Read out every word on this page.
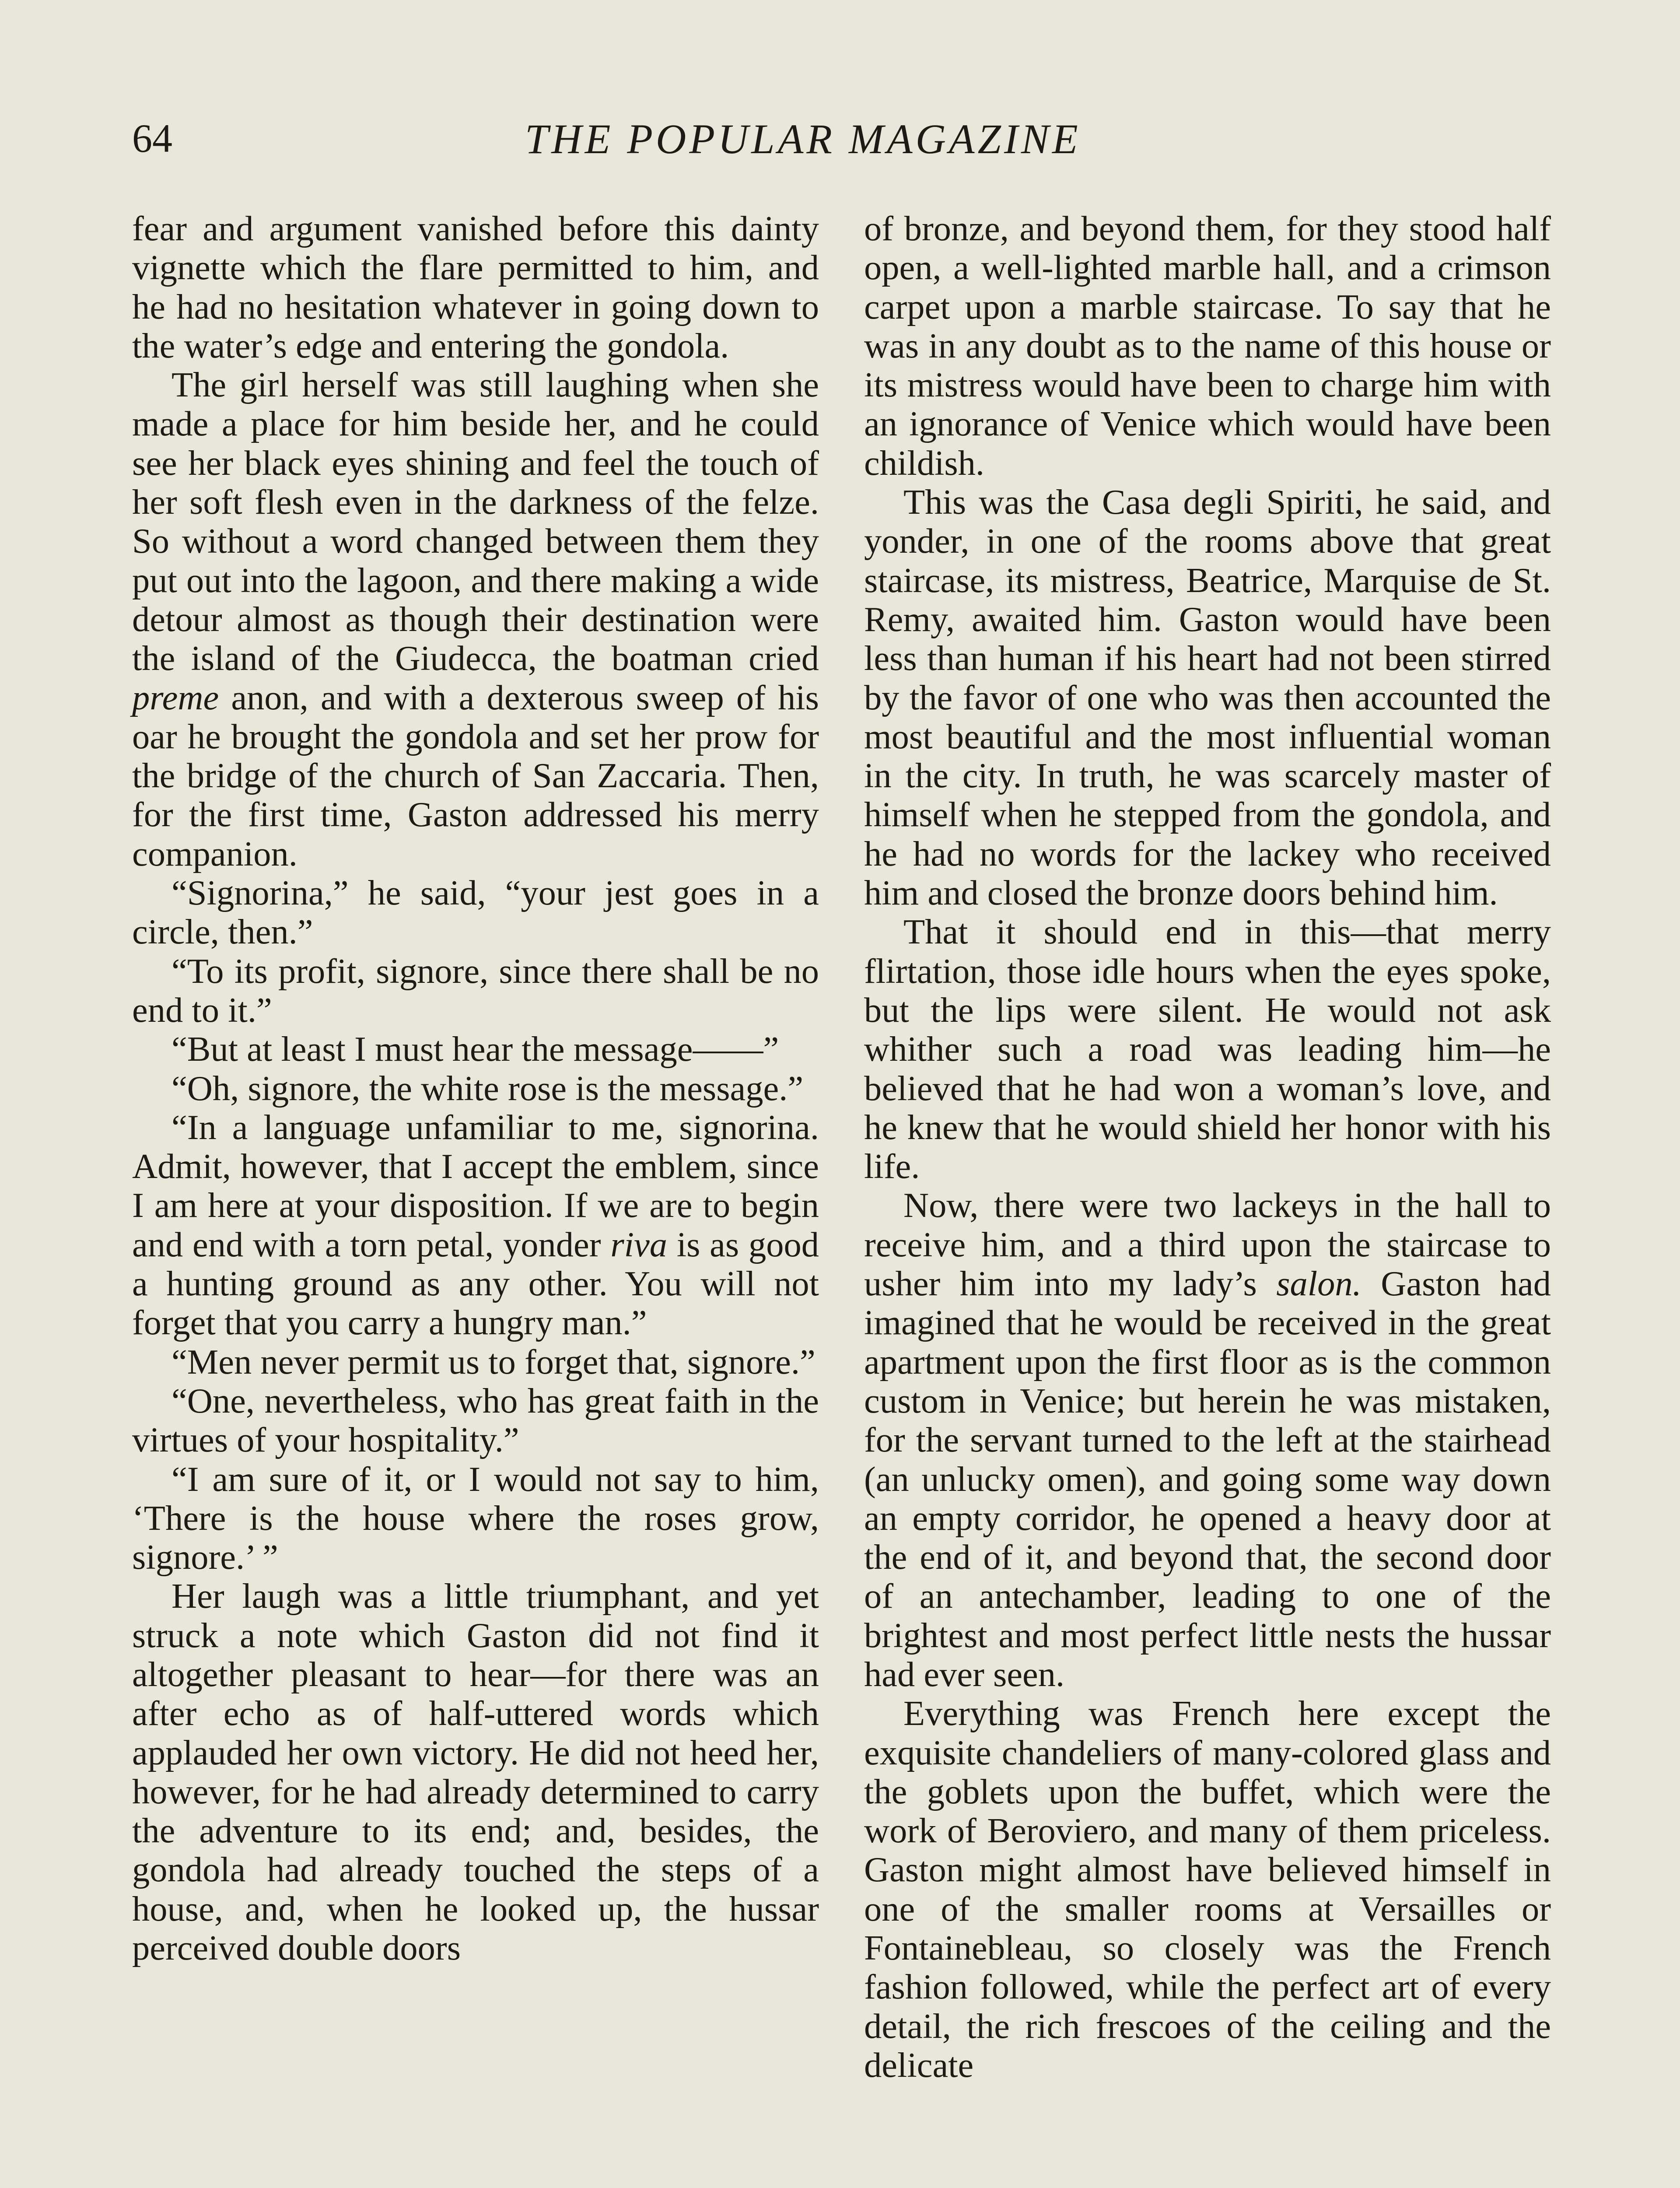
64	THE POPULAR MAGAZINE

fear and argument vanished before this dainty vignette which the flare permitted to him, and he had no hesitation whatever in going down to the water’s edge and entering the gondola.

The girl herself was still laughing when she made a place for him beside her, and he could see her black eyes shining and feel the touch of her soft flesh even in the darkness of the felze. So without a word changed between them they put out into the lagoon, and there making a wide detour almost as though their destination were the island of the Giudecca, the boatman cried preme anon, and with a dexterous sweep of his oar he brought the gondola and set her prow for the bridge of the church of San Zaccaria. Then, for the first time, Gaston addressed his merry companion.

“Signorina,” he said, “your jest goes in a circle, then.”

“To its profit, signore, since there shall be no end to it.”

“But at least I must hear the message——”

“Oh, signore, the white rose is the message.”

“In a language unfamiliar to me, signorina. Admit, however, that I accept the emblem, since I am here at your disposition. If we are to begin and end with a torn petal, yonder riva is as good a hunting ground as any other. You will not forget that you carry a hungry man.”

“Men never permit us to forget that, signore.”

“One, nevertheless, who has great faith in the virtues of your hospitality.”

“I am sure of it, or I would not say to him, ‘There is the house where the roses grow, signore.’ ”

Her laugh was a little triumphant, and yet struck a note which Gaston did not find it altogether pleasant to hear—for there was an after echo as of half-uttered words which applauded her own victory. He did not heed her, however, for he had already determined to carry the adventure to its end; and, besides, the gondola had already touched the steps of a house, and, when he looked up, the hussar perceived double doors

of bronze, and beyond them, for they stood half open, a well-lighted marble hall, and a crimson carpet upon a marble staircase. To say that he was in any doubt as to the name of this house or its mistress would have been to charge him with an ignorance of Venice which would have been childish.

This was the Casa degli Spiriti, he said, and yonder, in one of the rooms above that great staircase, its mistress, Beatrice, Marquise de St. Remy, awaited him. Gaston would have been less than human if his heart had not been stirred by the favor of one who was then accounted the most beautiful and the most influential woman in the city. In truth, he was scarcely master of himself when he stepped from the gondola, and he had no words for the lackey who received him and closed the bronze doors behind him.

That it should end in this—that merry flirtation, those idle hours when the eyes spoke, but the lips were silent. He would not ask whither such a road was leading him—he believed that he had won a woman’s love, and he knew that he would shield her honor with his life.

Now, there were two lackeys in the hall to receive him, and a third upon the staircase to usher him into my lady’s salon. Gaston had imagined that he would be received in the great apartment upon the first floor as is the common custom in Venice; but herein he was mistaken, for the servant turned to the left at the stairhead (an unlucky omen), and going some way down an empty corridor, he opened a heavy door at the end of it, and beyond that, the second door of an antechamber, leading to one of the brightest and most perfect little nests the hussar had ever seen.

Everything was French here except the exquisite chandeliers of many-colored glass and the goblets upon the buffet, which were the work of Beroviero, and many of them priceless. Gaston might almost have believed himself in one of the smaller rooms at Versailles or Fontainebleau, so closely was the French fashion followed, while the perfect art of every detail, the rich frescoes of the ceiling and the delicate
